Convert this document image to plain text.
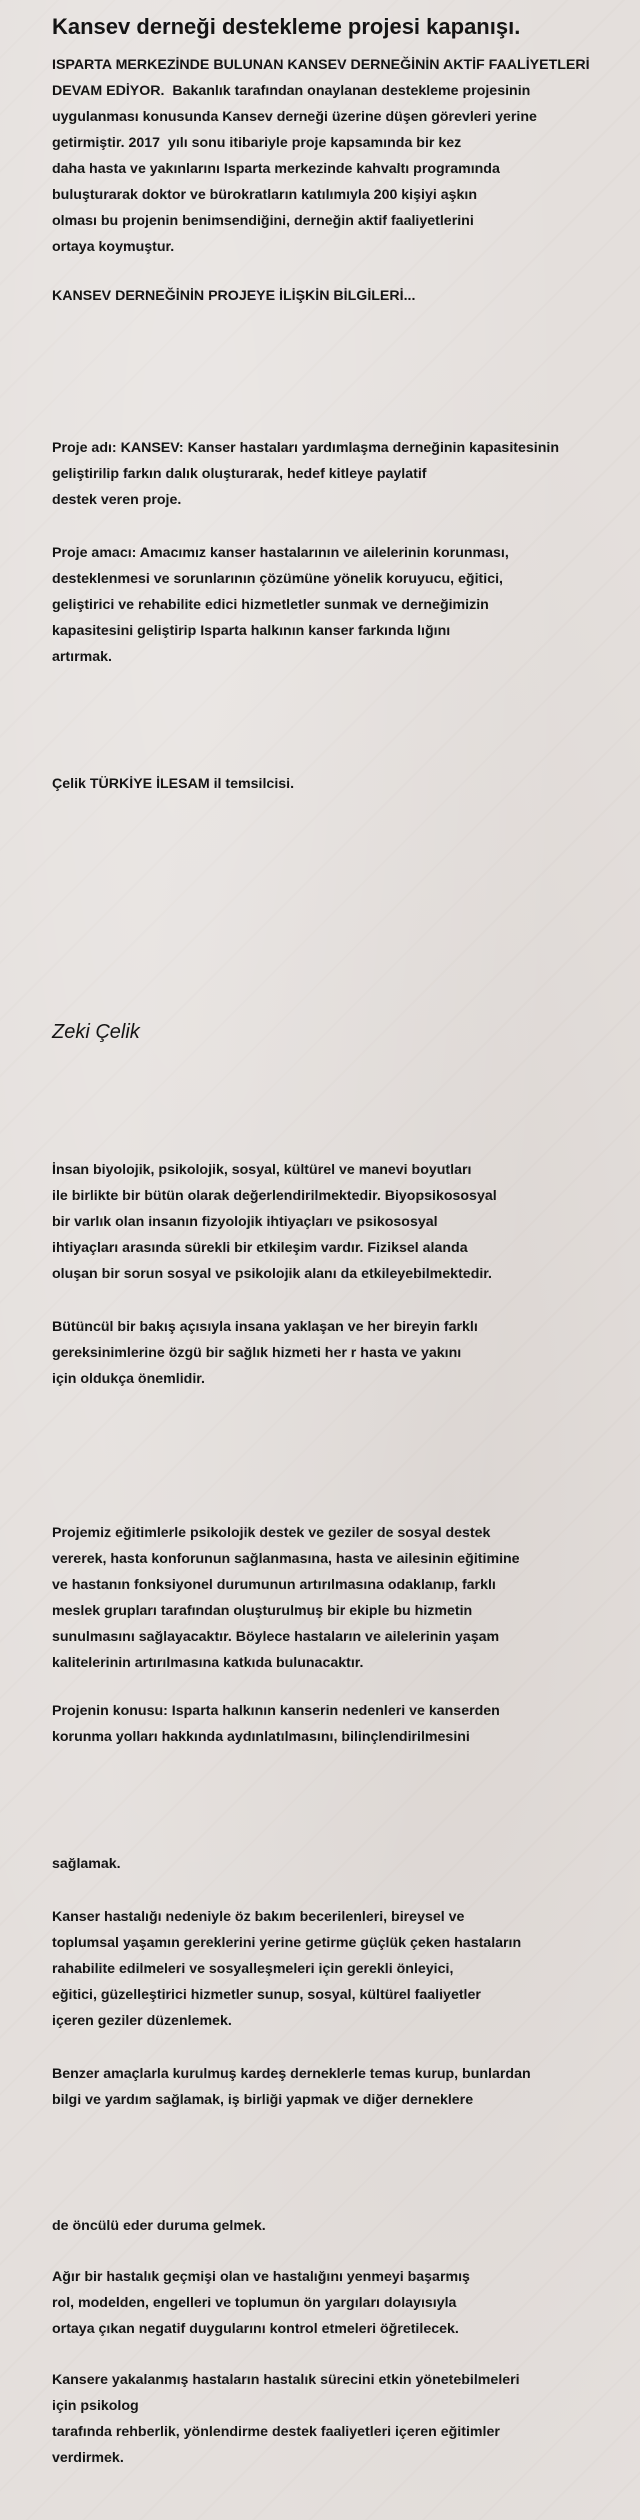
Kansev derneği destekleme projesi kapanışı.

ISPARTA MERKEZİNDE BULUNAN KANSEV DERNEĞİNİN AKTİF FAALİYETLERİ
DEVAM EDİYOR.  Bakanlık tarafından onaylanan destekleme projesinin
uygulanması konusunda Kansev derneği üzerine düşen görevleri yerine
getirmiştir. 2017  yılı sonu itibariyle proje kapsamında bir kez
daha hasta ve yakınlarını Isparta merkezinde kahvaltı programında
buluşturarak doktor ve bürokratların katılımıyla 200 kişiyi aşkın
olması bu projenin benimsendiğini, derneğin aktif faaliyetlerini
ortaya koymuştur.

KANSEV DERNEĞİNİN PROJEYE İLİŞKİN BİLGİLERİ...

Proje adı: KANSEV: Kanser hastaları yardımlaşma derneğinin kapasitesinin
geliştirilip farkın dalık oluşturarak, hedef kitleye paylatif
destek veren proje.

Proje amacı: Amacımız kanser hastalarının ve ailelerinin korunması,
desteklenmesi ve sorunlarının çözümüne yönelik koruyucu, eğitici,
geliştirici ve rehabilite edici hizmetletler sunmak ve derneğimizin
kapasitesini geliştirip Isparta halkının kanser farkında lığını
artırmak.

Çelik TÜRKİYE İLESAM il temsilcisi.

Zeki Çelik

İnsan biyolojik, psikolojik, sosyal, kültürel ve manevi boyutları
ile birlikte bir bütün olarak değerlendirilmektedir. Biyopsikososyal
bir varlık olan insanın fizyolojik ihtiyaçları ve psikososyal
ihtiyaçları arasında sürekli bir etkileşim vardır. Fiziksel alanda
oluşan bir sorun sosyal ve psikolojik alanı da etkileyebilmektedir.

Bütüncül bir bakış açısıyla insana yaklaşan ve her bireyin farklı
gereksinimlerine özgü bir sağlık hizmeti her r hasta ve yakını
için oldukça önemlidir.

Projemiz eğitimlerle psikolojik destek ve geziler de sosyal destek
vererek, hasta konforunun sağlanmasına, hasta ve ailesinin eğitimine
ve hastanın fonksiyonel durumunun artırılmasına odaklanıp, farklı
meslek grupları tarafından oluşturulmuş bir ekiple bu hizmetin
sunulmasını sağlayacaktır. Böylece hastaların ve ailelerinin yaşam
kalitelerinin artırılmasına katkıda bulunacaktır.

Projenin konusu: Isparta halkının kanserin nedenleri ve kanserden
korunma yolları hakkında aydınlatılmasını, bilinçlendirilmesini

sağlamak.

Kanser hastalığı nedeniyle öz bakım becerilenleri, bireysel ve
toplumsal yaşamın gereklerini yerine getirme güçlük çeken hastaların
rahabilite edilmeleri ve sosyalleşmeleri için gerekli önleyici,
eğitici, güzelleştirici hizmetler sunup, sosyal, kültürel faaliyetler
içeren geziler düzenlemek.

Benzer amaçlarla kurulmuş kardeş derneklerle temas kurup, bunlardan
bilgi ve yardım sağlamak, iş birliği yapmak ve diğer derneklere

de öncülü eder duruma gelmek.

Ağır bir hastalık geçmişi olan ve hastalığını yenmeyi başarmış
rol, modelden, engelleri ve toplumun ön yargıları dolayısıyla
ortaya çıkan negatif duygularını kontrol etmeleri öğretilecek.

Kansere yakalanmış hastaların hastalık sürecini etkin yönetebilmeleri
için psikolog
tarafında rehberlik, yönlendirme destek faaliyetleri içeren eğitimler
verdirmek.
